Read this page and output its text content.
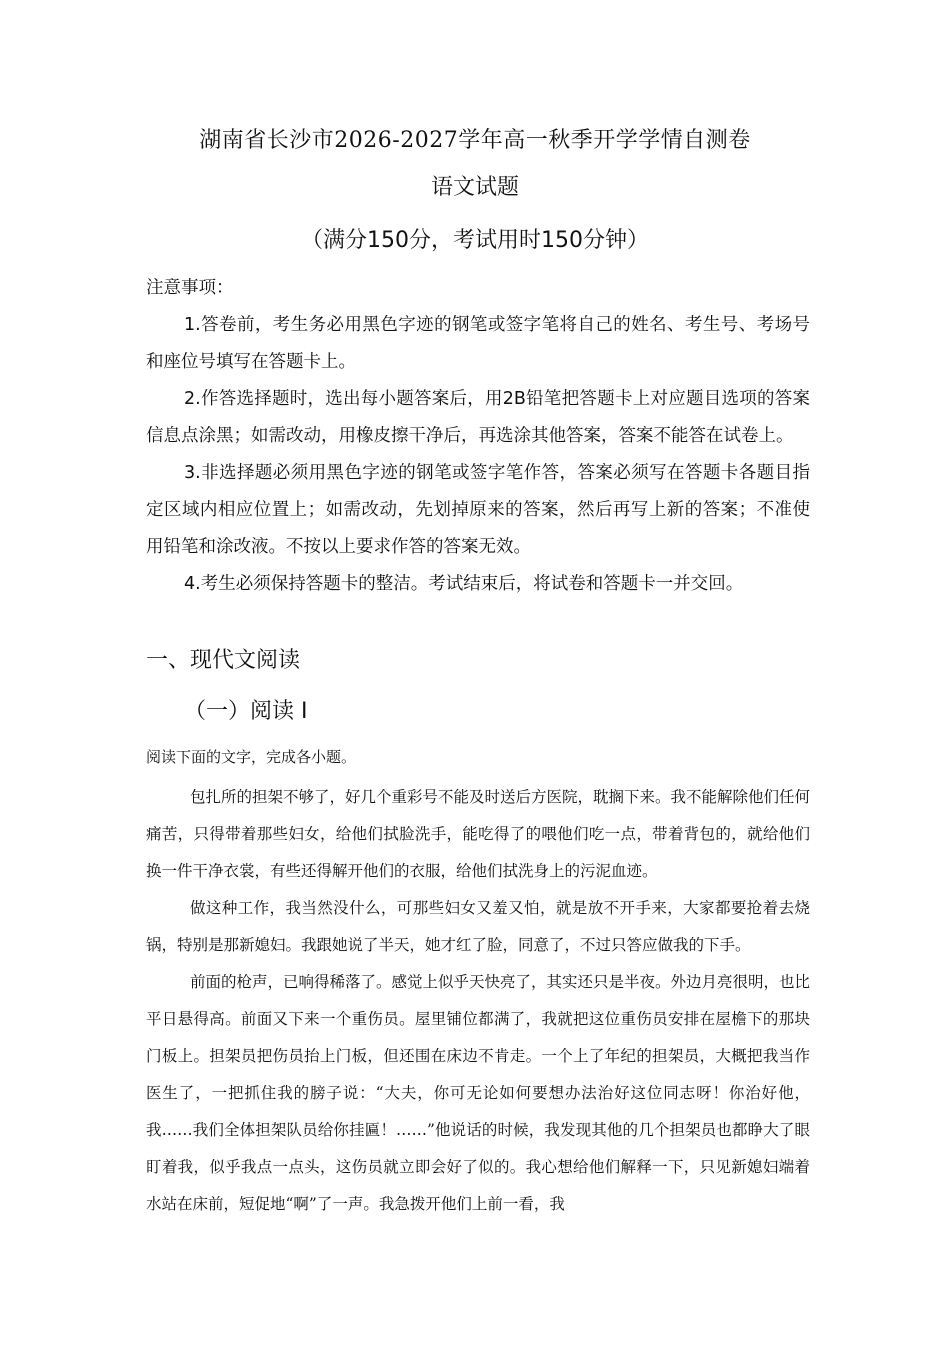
湖南省长沙市2026-2027学年高一秋季开学学情自测卷
语文试题
（满分150分，考试用时150分钟）

注意事项：

1.答卷前，考生务必用黑色字迹的钢笔或签字笔将自己的姓名、考生号、考场号和座位号填写在答题卡上。

2.作答选择题时，选出每小题答案后，用2B铅笔把答题卡上对应题目选项的答案信息点涂黑；如需改动，用橡皮擦干净后，再选涂其他答案，答案不能答在试卷上。

3.非选择题必须用黑色字迹的钢笔或签字笔作答，答案必须写在答题卡各题目指定区域内相应位置上；如需改动，先划掉原来的答案，然后再写上新的答案；不准使用铅笔和涂改液。不按以上要求作答的答案无效。

4.考生必须保持答题卡的整洁。考试结束后，将试卷和答题卡一并交回。

一、现代文阅读
（一）阅读 I
阅读下面的文字，完成各小题。

包扎所的担架不够了，好几个重彩号不能及时送后方医院，耽搁下来。我不能解除他们任何痛苦，只得带着那些妇女，给他们拭脸洗手，能吃得了的喂他们吃一点，带着背包的，就给他们换一件干净衣裳，有些还得解开他们的衣服，给他们拭洗身上的污泥血迹。

做这种工作，我当然没什么，可那些妇女又羞又怕，就是放不开手来，大家都要抢着去烧锅，特别是那新媳妇。我跟她说了半天，她才红了脸，同意了，不过只答应做我的下手。

前面的枪声，已响得稀落了。感觉上似乎天快亮了，其实还只是半夜。外边月亮很明，也比平日悬得高。前面又下来一个重伤员。屋里铺位都满了，我就把这位重伤员安排在屋檐下的那块门板上。担架员把伤员抬上门板，但还围在床边不肯走。一个上了年纪的担架员，大概把我当作医生了，一把抓住我的膀子说：“大夫，你可无论如何要想办法治好这位同志呀！你治好他，我……我们全体担架队员给你挂匾！……”他说话的时候，我发现其他的几个担架员也都睁大了眼盯着我，似乎我点一点头，这伤员就立即会好了似的。我心想给他们解释一下，只见新媳妇端着水站在床前，短促地“啊”了一声。我急拨开他们上前一看，我
